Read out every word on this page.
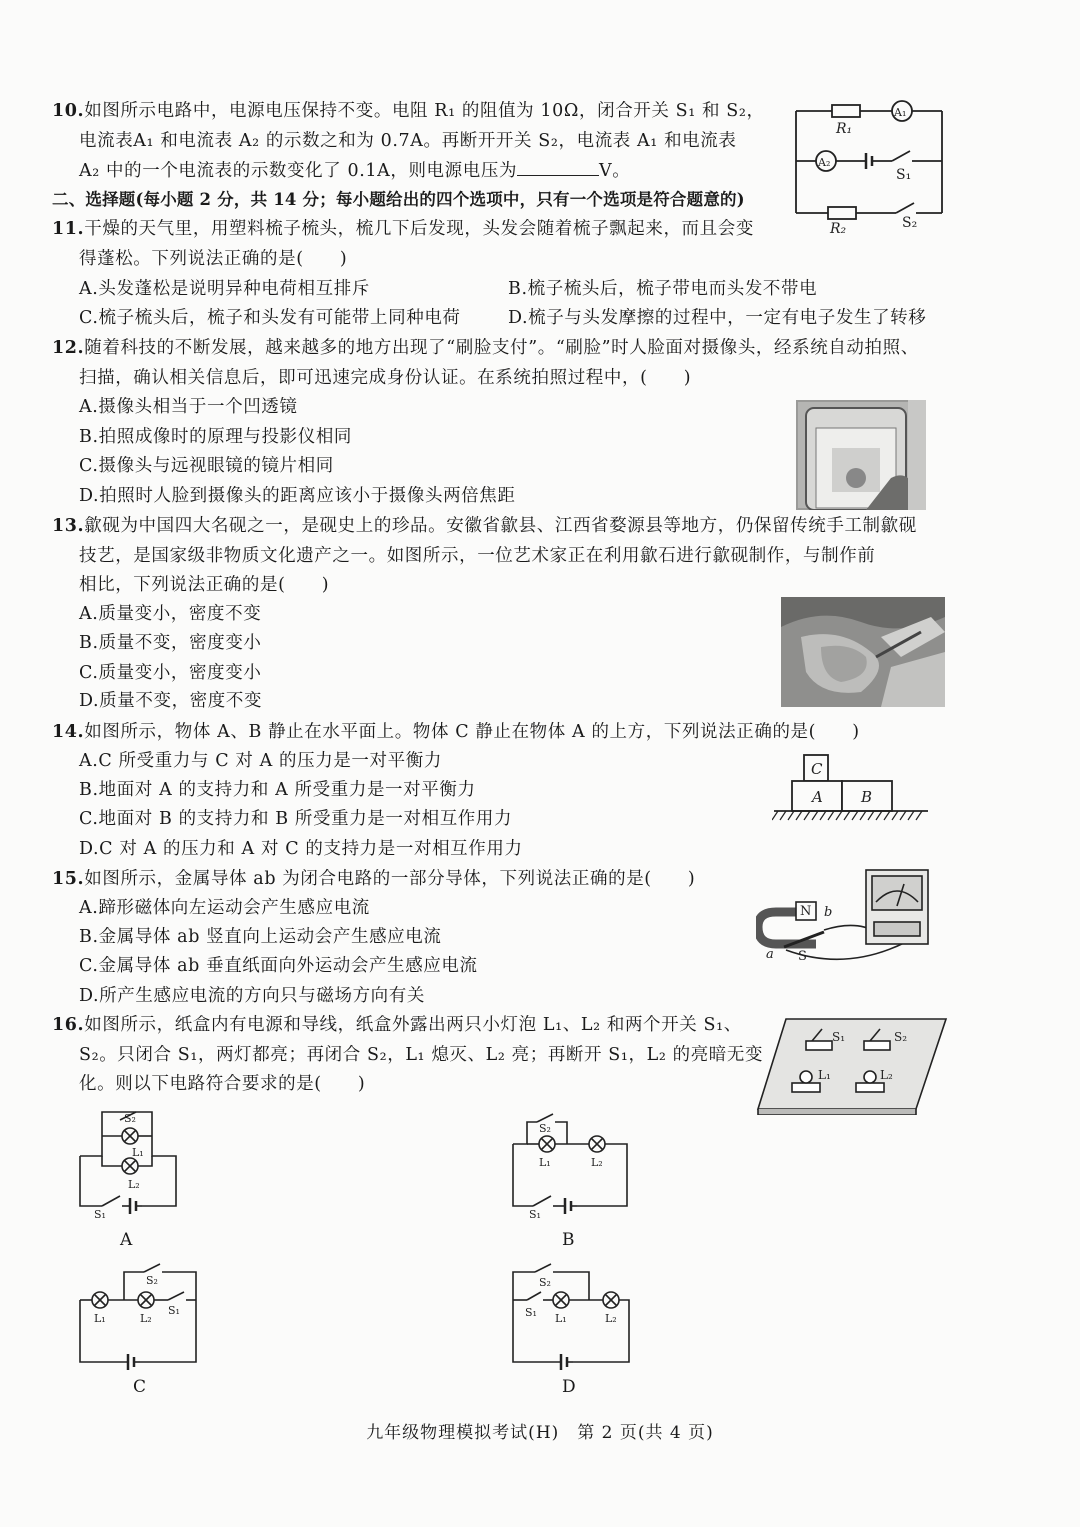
10.如图所示电路中，电源电压保持不变。电阻 R₁ 的阻值为 10Ω，闭合开关 S₁ 和 S₂，
电流表A₁ 和电流表 A₂ 的示数之和为 0.7A。再断开开关 S₂，电流表 A₁ 和电流表
A₂ 中的一个电流表的示数变化了 0.1A，则电源电压为	V。
R₁
A₁
A₂
S₁
R₂	S₂
二、选择题(每小题 2 分，共 14 分；每小题给出的四个选项中，只有一个选项是符合题意的)
11.干燥的天气里，用塑料梳子梳头，梳几下后发现，头发会随着梳子飘起来，而且会变
得蓬松。下列说法正确的是(　　)
A.头发蓬松是说明异种电荷相互排斥	B.梳子梳头后，梳子带电而头发不带电
C.梳子梳头后，梳子和头发有可能带上同种电荷	D.梳子与头发摩擦的过程中，一定有电子发生了转移
12.随着科技的不断发展，越来越多的地方出现了“刷脸支付”。“刷脸”时人脸面对摄像头，经系统自动拍照、
扫描，确认相关信息后，即可迅速完成身份认证。在系统拍照过程中，(　　)
A.摄像头相当于一个凹透镜
B.拍照成像时的原理与投影仪相同
C.摄像头与远视眼镜的镜片相同
D.拍照时人脸到摄像头的距离应该小于摄像头两倍焦距
13.歙砚为中国四大名砚之一，是砚史上的珍品。安徽省歙县、江西省婺源县等地方，仍保留传统手工制歙砚
技艺，是国家级非物质文化遗产之一。如图所示，一位艺术家正在利用歙石进行歙砚制作，与制作前
相比，下列说法正确的是(　　)
A.质量变小，密度不变
B.质量不变，密度变小
C.质量变小，密度变小
D.质量不变，密度不变
14.如图所示，物体 A、B 静止在水平面上。物体 C 静止在物体 A 的上方，下列说法正确的是(　　)
A.C 所受重力与 C 对 A 的压力是一对平衡力
B.地面对 A 的支持力和 A 所受重力是一对平衡力
C.地面对 B 的支持力和 B 所受重力是一对相互作用力
D.C 对 A 的压力和 A 对 C 的支持力是一对相互作用力
C
A	B
15.如图所示，金属导体 ab 为闭合电路的一部分导体，下列说法正确的是(　　)
A.蹄形磁体向左运动会产生感应电流
B.金属导体 ab 竖直向上运动会产生感应电流
C.金属导体 ab 垂直纸面向外运动会产生感应电流
D.所产生感应电流的方向只与磁场方向有关
N
S
a
b
16.如图所示，纸盒内有电源和导线，纸盒外露出两只小灯泡 L₁、L₂ 和两个开关 S₁、
S₂。只闭合 S₁，两灯都亮；再闭合 S₂，L₁ 熄灭、L₂ 亮；再断开 S₁，L₂ 的亮暗无变
化。则以下电路符合要求的是(　　)
S₁	S₂
L₁	L₂
S₂
L₁
L₂
S₁
A
S₂
L₁	L₂
S₁
B
S₂
L₁	L₂
S₁
C
S₂
S₁ L₁	L₂
D
九年级物理模拟考试(H)　第 2 页(共 4 页)
